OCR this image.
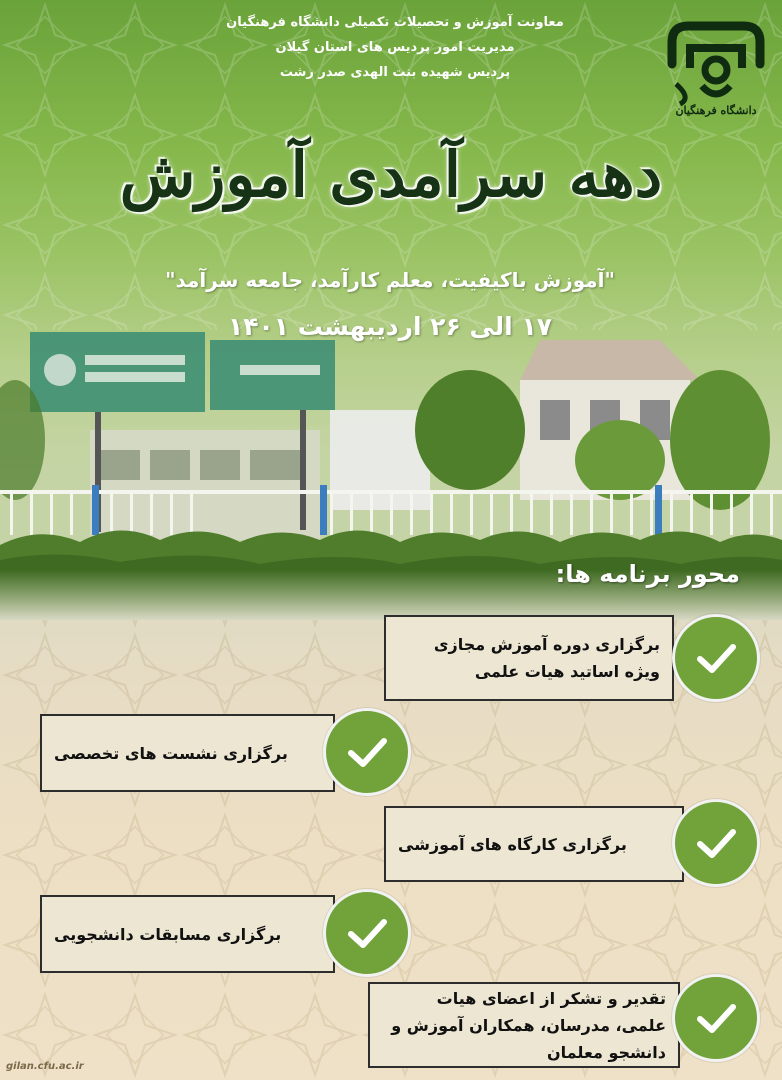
معاونت آموزش و تحصیلات تکمیلی دانشگاه فرهنگیان
مدیریت امور پردیس های استان گیلان
پردیس شهیده بنت الهدی صدر رشت
دانشگاه فرهنگیان
دهه سرآمدی آموزش
"آموزش باکیفیت، معلم کارآمد، جامعه سرآمد"
۱۷ الی ۲۶ اردیبهشت ۱۴۰۱
محور برنامه ها:
برگزاری دوره آموزش مجازی ویژه اساتید هیات علمی
برگزاری نشست های تخصصی
برگزاری کارگاه های آموزشی
برگزاری مسابقات دانشجویی
تقدیر و تشکر از اعضای هیات علمی، مدرسان، همکاران آموزش و دانشجو معلمان
gilan.cfu.ac.ir
